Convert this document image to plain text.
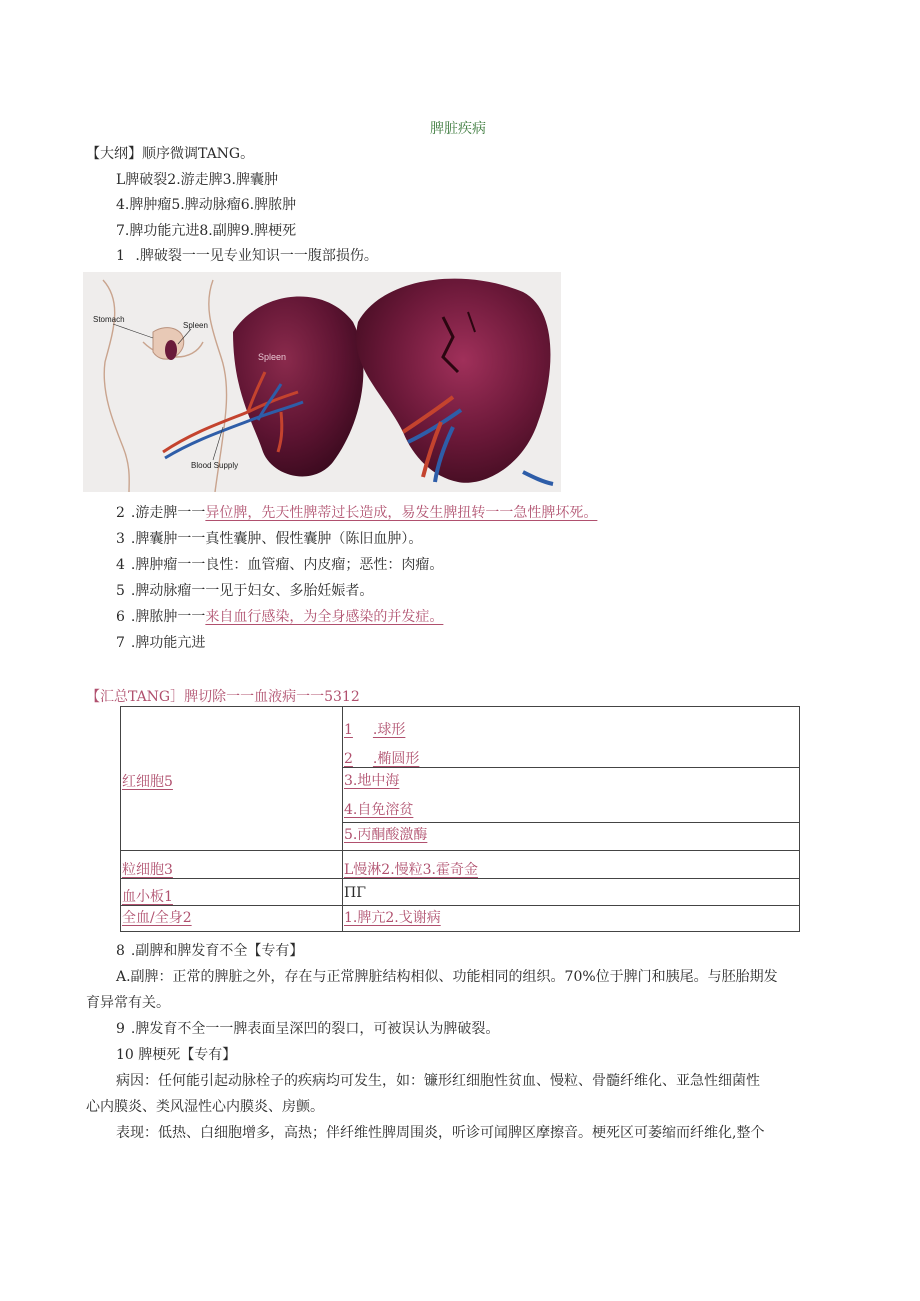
脾脏疾病
【大纲】顺序微调TANG。
L脾破裂2.游走脾3.脾囊肿
4.脾肿瘤5.脾动脉瘤6.脾脓肿
7.脾功能亢进8.副脾9.脾梗死
1 .脾破裂一一见专业知识一一腹部损伤。
Stomach
Spleen
Spleen
Blood Supply
2 .游走脾一一异位脾，先天性脾蒂过长造成，易发生脾扭转一一急性脾坏死。
3 .脾囊肿一一真性囊肿、假性囊肿（陈旧血肿）。
4 .脾肿瘤一一良性：血管瘤、内皮瘤；恶性：肉瘤。
5 .脾动脉瘤一一见于妇女、多胎妊娠者。
6 .脾脓肿一一来自血行感染，为全身感染的并发症。
7 .脾功能亢进
【汇总TANG］脾切除一一血液病一一5312
红细胞5
1 .球形
2 .椭圆形
3.地中海
4.自免溶贫
5.丙酮酸激酶
粒细胞3	L慢淋2.慢粒3.霍奇金
血小板1	ΠΓ
全血/全身2	1.脾亢2.戈谢病
8 .副脾和脾发育不全【专有】
A.副脾：正常的脾脏之外，存在与正常脾脏结构相似、功能相同的组织。70%位于脾门和胰尾。与胚胎期发
育异常有关。
9 .脾发育不全一一脾表面呈深凹的裂口，可被误认为脾破裂。
10 脾梗死【专有】
病因：任何能引起动脉栓子的疾病均可发生，如：镰形红细胞性贫血、慢粒、骨髓纤维化、亚急性细菌性
心内膜炎、类风湿性心内膜炎、房颤。
表现：低热、白细胞增多，高热；伴纤维性脾周围炎，听诊可闻脾区摩擦音。梗死区可萎缩而纤维化,整个
